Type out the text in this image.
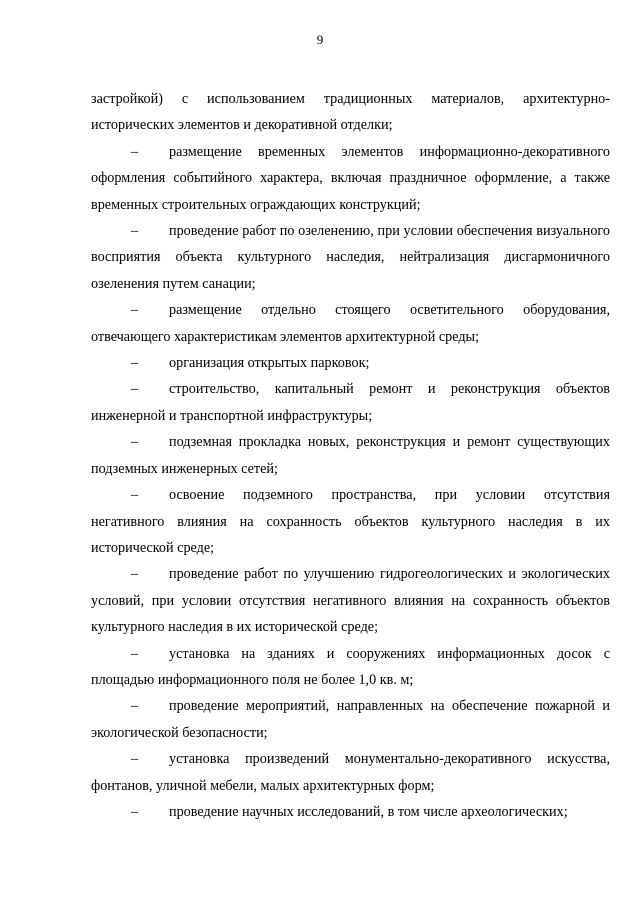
9

застройкой) с использованием традиционных материалов, архитектурно-исторических элементов и декоративной отделки;

– размещение временных элементов информационно-декоративного оформления событийного характера, включая праздничное оформление, а также временных строительных ограждающих конструкций;

– проведение работ по озеленению, при условии обеспечения визуального восприятия объекта культурного наследия, нейтрализация дисгармоничного озеленения путем санации;

– размещение отдельно стоящего осветительного оборудования, отвечающего характеристикам элементов архитектурной среды;

– организация открытых парковок;

– строительство, капитальный ремонт и реконструкция объектов инженерной и транспортной инфраструктуры;

– подземная прокладка новых, реконструкция и ремонт существующих подземных инженерных сетей;

– освоение подземного пространства, при условии отсутствия негативного влияния на сохранность объектов культурного наследия в их исторической среде;

– проведение работ по улучшению гидрогеологических и экологических условий, при условии отсутствия негативного влияния на сохранность объектов культурного наследия в их исторической среде;

– установка на зданиях и сооружениях информационных досок с площадью информационного поля не более 1,0 кв. м;

– проведение мероприятий, направленных на обеспечение пожарной и экологической безопасности;

– установка произведений монументально-декоративного искусства, фонтанов, уличной мебели, малых архитектурных форм;

– проведение научных исследований, в том числе археологических;
